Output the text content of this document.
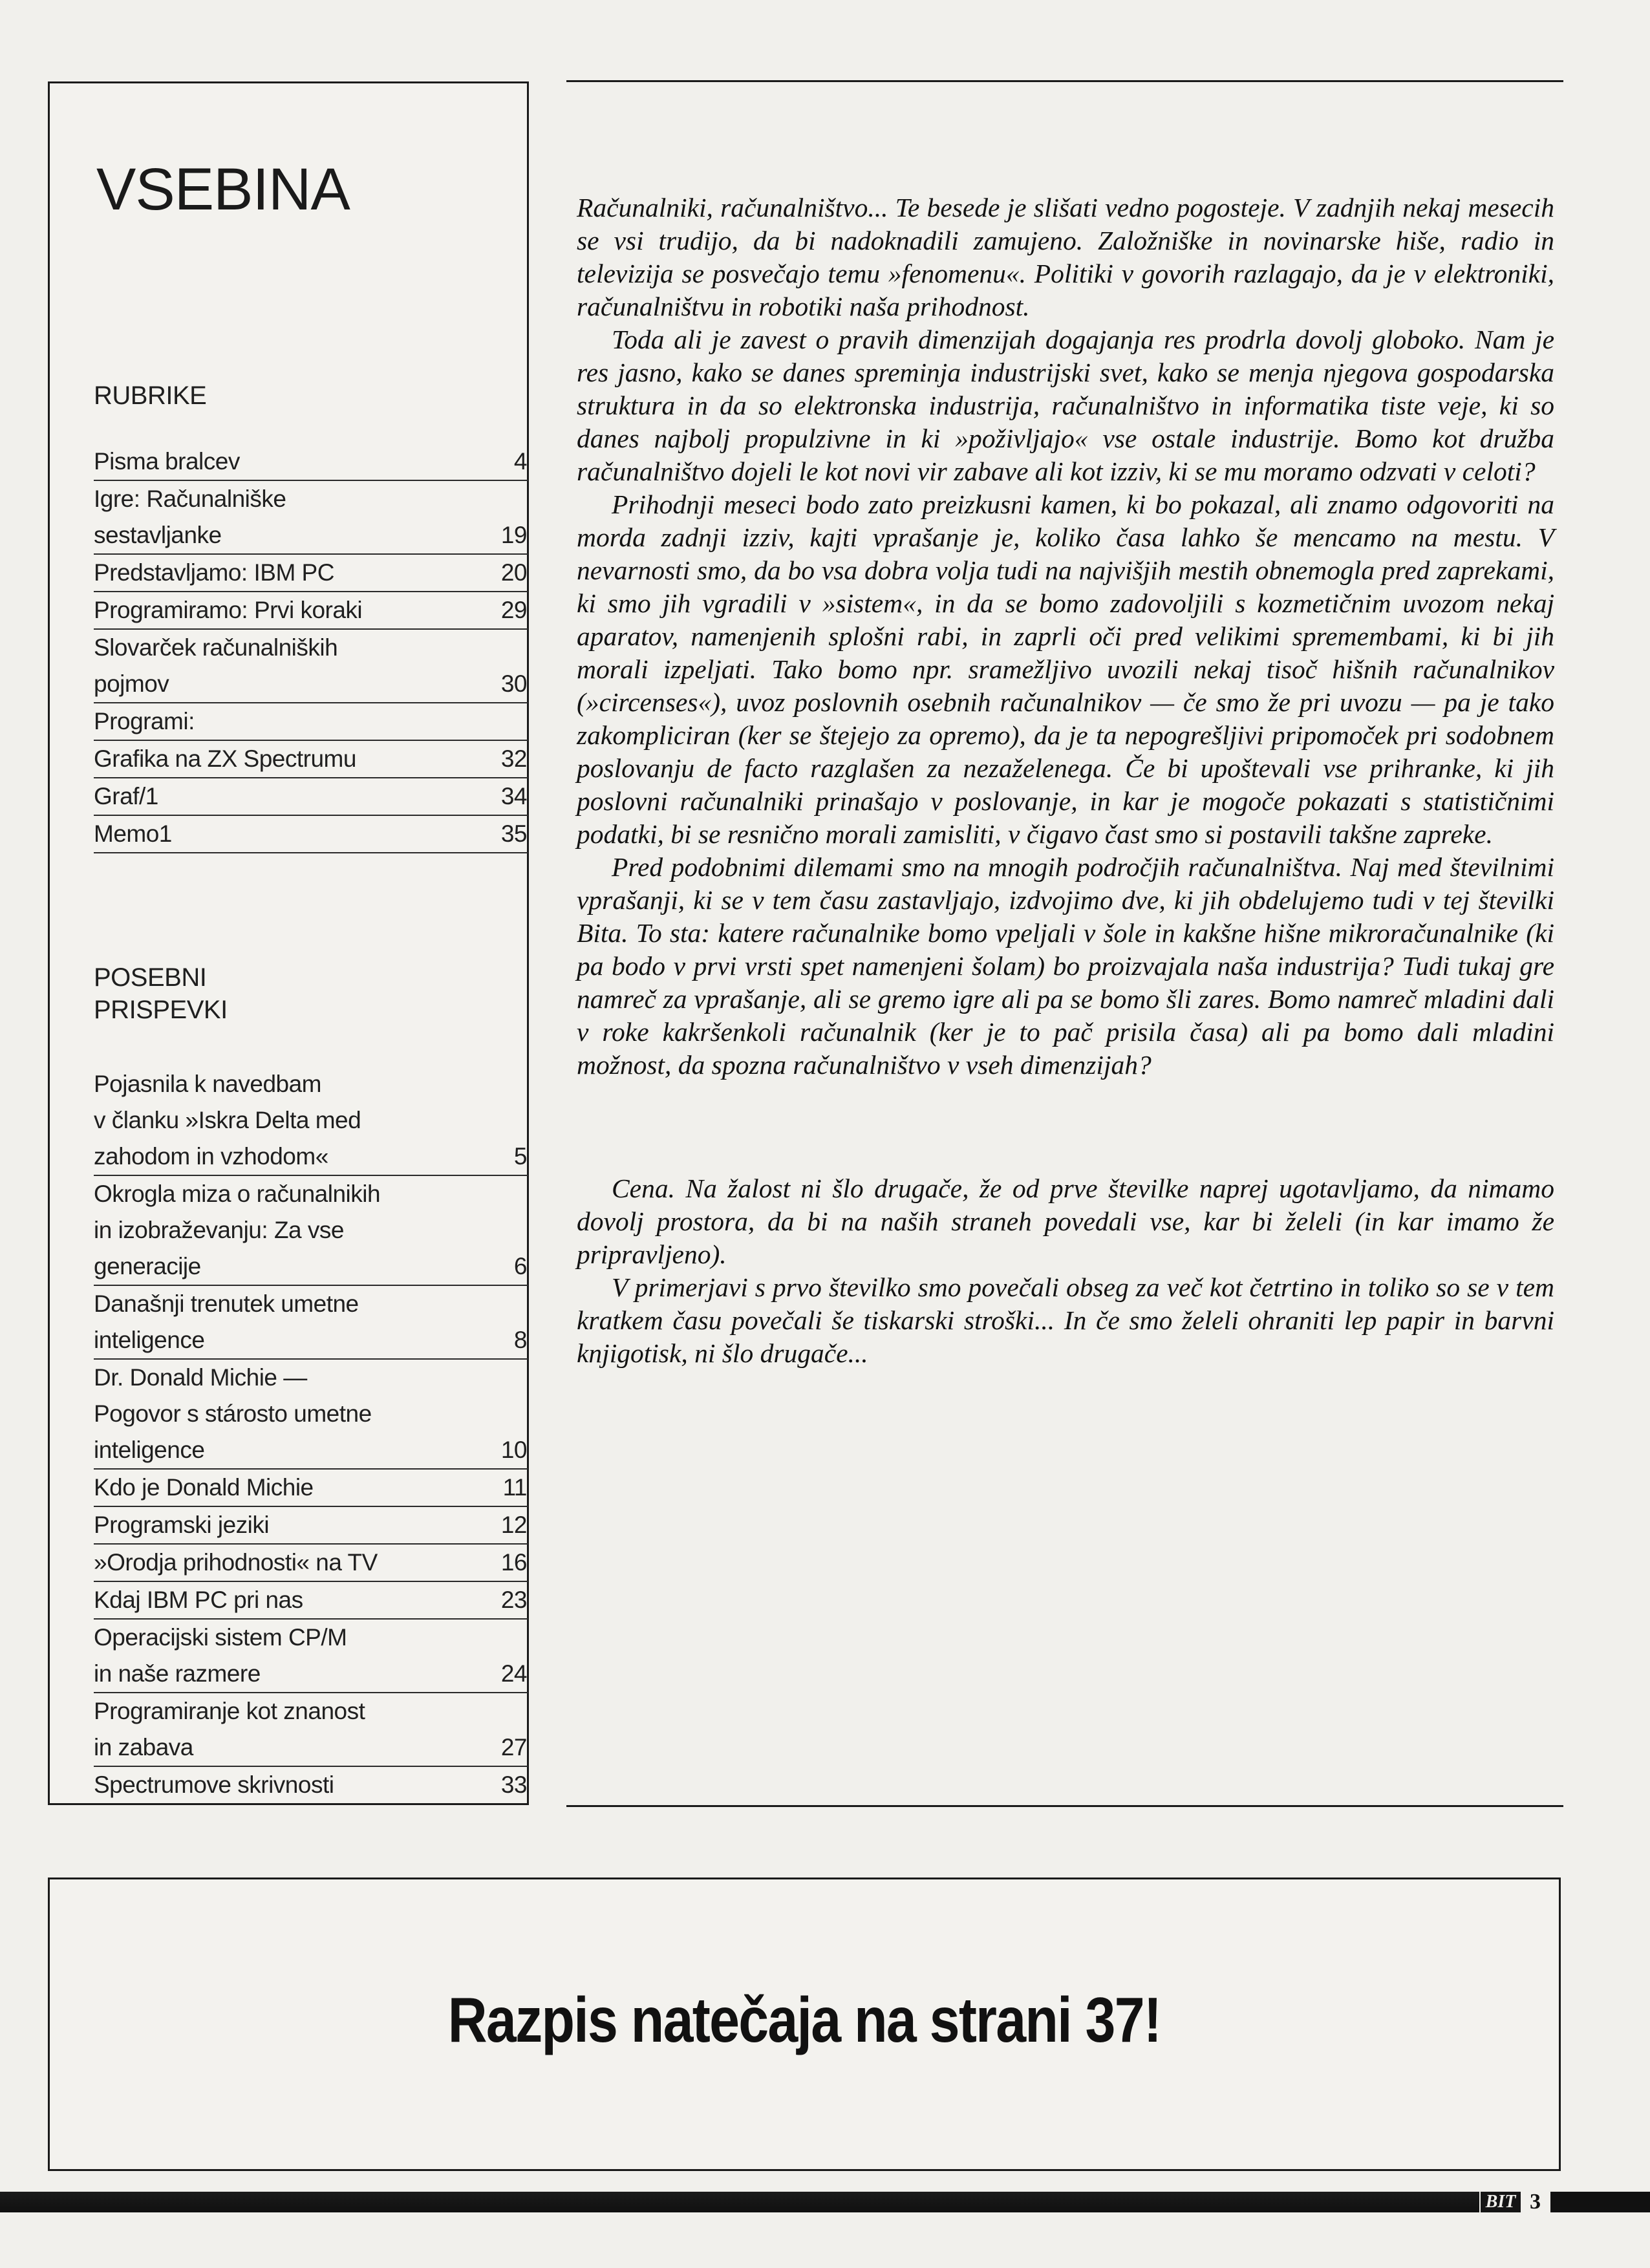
VSEBINA
RUBRIKE
Pisma bralcev	4
Igre: Računalniške
sestavljanke	19
Predstavljamo: IBM PC	20
Programiramo: Prvi koraki	29
Slovarček računalniških
pojmov	30
Programi:
Grafika na ZX Spectrumu	32
Graf/1	34
Memo1	35
POSEBNI
PRISPEVKI
Pojasnila k navedbam
v članku »Iskra Delta med
zahodom in vzhodom«	5
Okrogla miza o računalnikih
in izobraževanju: Za vse
generacije	6
Današnji trenutek umetne
inteligence	8
Dr. Donald Michie —
Pogovor s stárosto umetne
inteligence	10
Kdo je Donald Michie	11
Programski jeziki	12
»Orodja prihodnosti« na TV	16
Kdaj IBM PC pri nas	23
Operacijski sistem CP/M
in naše razmere	24
Programiranje kot znanost
in zabava	27
Spectrumove skrivnosti	33

Računalniki, računalništvo... Te besede je slišati vedno pogosteje. V zadnjih nekaj mesecih se vsi trudijo, da bi nadoknadili zamujeno. Založniške in novinarske hiše, radio in televizija se posvečajo temu »fenomenu«. Politiki v govorih razlagajo, da je v elektroniki, računalništvu in robotiki naša prihodnost.

Toda ali je zavest o pravih dimenzijah dogajanja res prodrla dovolj globoko. Nam je res jasno, kako se danes spreminja industrijski svet, kako se menja njegova gospodarska struktura in da so elektronska industrija, računalništvo in informatika tiste veje, ki so danes najbolj propulzivne in ki »poživljajo« vse ostale industrije. Bomo kot družba računalništvo dojeli le kot novi vir zabave ali kot izziv, ki se mu moramo odzvati v celoti?

Prihodnji meseci bodo zato preizkusni kamen, ki bo pokazal, ali znamo odgovoriti na morda zadnji izziv, kajti vprašanje je, koliko časa lahko še mencamo na mestu. V nevarnosti smo, da bo vsa dobra volja tudi na najvišjih mestih obnemogla pred zaprekami, ki smo jih vgradili v »sistem«, in da se bomo zadovoljili s kozmetičnim uvozom nekaj aparatov, namenjenih splošni rabi, in zaprli oči pred velikimi spremembami, ki bi jih morali izpeljati. Tako bomo npr. sramežljivo uvozili nekaj tisoč hišnih računalnikov (»circenses«), uvoz poslovnih osebnih računalnikov — če smo že pri uvozu — pa je tako zakompliciran (ker se štejejo za opremo), da je ta nepogrešljivi pripomoček pri sodobnem poslovanju de facto razglašen za nezaželenega. Če bi upoštevali vse prihranke, ki jih poslovni računalniki prinašajo v poslovanje, in kar je mogoče pokazati s statističnimi podatki, bi se resnično morali zamisliti, v čigavo čast smo si postavili takšne zapreke.

Pred podobnimi dilemami smo na mnogih področjih računalništva. Naj med številnimi vprašanji, ki se v tem času zastavljajo, izdvojimo dve, ki jih obdelujemo tudi v tej številki Bita. To sta: katere računalnike bomo vpeljali v šole in kakšne hišne mikroračunalnike (ki pa bodo v prvi vrsti spet namenjeni šolam) bo proizvajala naša industrija? Tudi tukaj gre namreč za vprašanje, ali se gremo igre ali pa se bomo šli zares. Bomo namreč mladini dali v roke kakršenkoli računalnik (ker je to pač prisila časa) ali pa bomo dali mladini možnost, da spozna računalništvo v vseh dimenzijah?

Cena. Na žalost ni šlo drugače, že od prve številke naprej ugotavljamo, da nimamo dovolj prostora, da bi na naših straneh povedali vse, kar bi želeli (in kar imamo že pripravljeno).

V primerjavi s prvo številko smo povečali obseg za več kot četrtino in toliko so se v tem kratkem času povečali še tiskarski stroški... In če smo želeli ohraniti lep papir in barvni knjigotisk, ni šlo drugače...

Razpis natečaja na strani 37!

BIT 3
